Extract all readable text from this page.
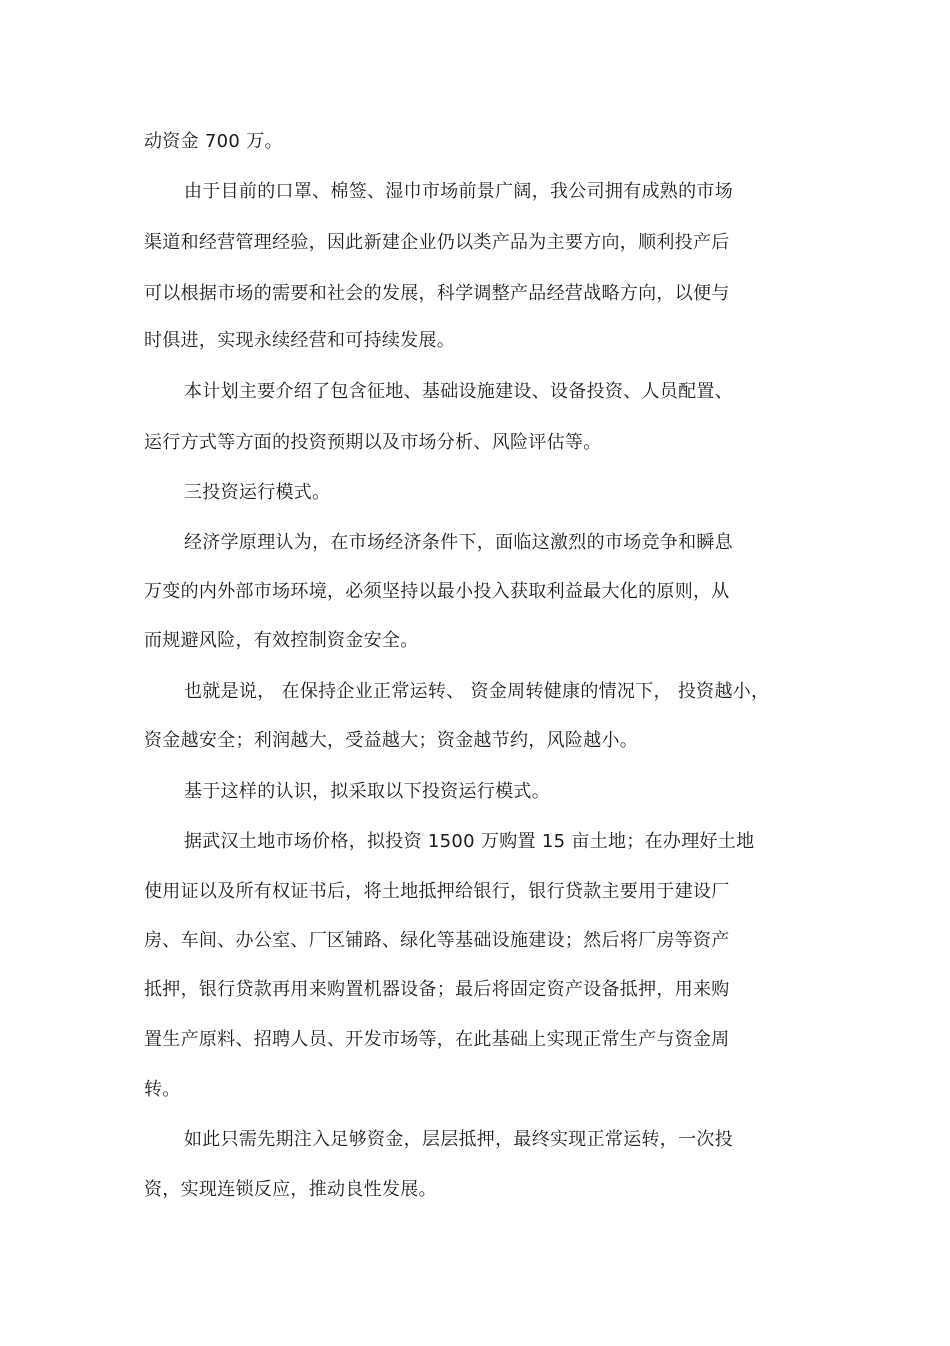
动资金 700 万。
由于目前的口罩、棉签、湿巾市场前景广阔，我公司拥有成熟的市场
渠道和经营管理经验，因此新建企业仍以类产品为主要方向，顺利投产后
可以根据市场的需要和社会的发展，科学调整产品经营战略方向，以便与
时俱进，实现永续经营和可持续发展。
本计划主要介绍了包含征地、基础设施建设、设备投资、人员配置、
运行方式等方面的投资预期以及市场分析、风险评估等。
三投资运行模式。
经济学原理认为，在市场经济条件下，面临这激烈的市场竞争和瞬息
万变的内外部市场环境，必须坚持以最小投入获取利益最大化的原则，从
而规避风险，有效控制资金安全。
也就是说， 在保持企业正常运转、 资金周转健康的情况下， 投资越小，
资金越安全；利润越大，受益越大；资金越节约，风险越小。
基于这样的认识，拟采取以下投资运行模式。
据武汉土地市场价格，拟投资 1500 万购置 15 亩土地；在办理好土地
使用证以及所有权证书后，将土地抵押给银行，银行贷款主要用于建设厂
房、车间、办公室、厂区铺路、绿化等基础设施建设；然后将厂房等资产
抵押，银行贷款再用来购置机器设备；最后将固定资产设备抵押，用来购
置生产原料、招聘人员、开发市场等，在此基础上实现正常生产与资金周
转。
如此只需先期注入足够资金，层层抵押，最终实现正常运转，一次投
资，实现连锁反应，推动良性发展。
